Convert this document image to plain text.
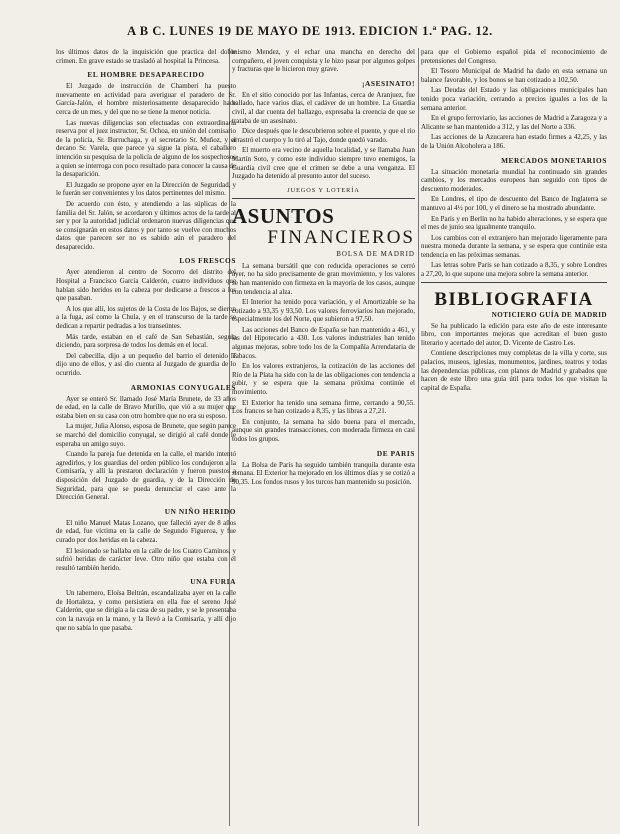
A B C. LUNES 19 DE MAYO DE 1913. EDICION 1.ª PAG. 12.

los últimos datos de la inquisición que practica del doble crimen. En grave estado se trasladó al hospital la Princesa.

EL HOMBRE DESAPARECIDO

El Juzgado de instrucción de Chamberí ha puesto nuevamente en actividad para averiguar el paradero de Sr. García-Jalón, el hombre misteriosamente desaparecido hace cerca de un mes, y del que no se tiene la menor noticia.

Las nuevas diligencias son efectuadas con extraordinaria reserva por el juez instructor, Sr. Ochoa, en unión del comisario de la policía, Sr. Burruchaga, y el secretario Sr. Muñoz, y el decano Sr. Varela, que parece ya sigue la pista, el caballero intención su pesquisa de la policía de alguno de los sospechosos a quien se interroga con poco resultado para conocer la causa de la desaparición.

El Juzgado se propone ayer en la Dirección de Seguridad, y le fuerán ser convenientes y los datos pertinentes del mismo.

De acuerdo con ésto, y atendiendo a las súplicas de la familia del Sr. Jalón, se acordaron y últimos actos de la tarde al ser y por la autoridad judicial ordenaron nuevas diligencias que se consignarán en estos datos y por tanto se vuelve con muchos datos que parecen ser no es sabido aún el paradero del desaparecido.

LOS FRESCOS

Ayer atendieron al centro de Socorro del distrito del Hospital a Francisco García Calderón, cuatro individuos que habían sido heridos en la cabeza por dedicarse a frescos a los que pasaban.

A los que allí, los sujetos de la Costa de los Bajos, se dieron a la fuga, así como la Chula, y en el transcurso de la tarde se dedican a repartir pedradas a los transeúntes.

Más tarde, estaban en el café de San Sebastián, seguía diciendo, para sorpresa de todos los demás en el local.

Del cabecilla, dijo a un pequeño del barrio el detenido le dijo uno de ellos, y así dio cuenta al Juzgado de guardia de lo ocurrido.

ARMONIAS CONYUGALES

Ayer se enteró Sr. llamado José María Brunete, de 33 años de edad, en la calle de Bravo Murillo, que vió a su mujer que estaba bien en su casa con otro hombre que no era su esposo.

La mujer, Julia Alonso, esposa de Brunete, que según parece se marchó del domicilio conyugal, se dirigió al café donde le esperaba un amigo suyo.

Cuando la pareja fue detenida en la calle, el marido intentó agredirlos, y los guardias del orden público los condujeron a la Comisaría, y allí la prestaron declaración y fueron puestos a disposición del Juzgado de guardia, y de la Dirección de Seguridad, para que se pueda denunciar el caso ante la Dirección General.

UN NIÑO HERIDO

El niño Manuel Matas Lozano, que falleció ayer de 8 años de edad, fue víctima en la calle de Segundo Figueroa, y fue curado por dos heridas en la cabeza.

El lesionado se hallaba en la calle de los Cuatro Caminos, y sufrió heridas de carácter leve. Otro niño que estaba con él resultó también herido.

UNA FURIA

Un tabernero, Eloísa Beltrán, escandalizaba ayer en la calle de Hortaleza, y como persistiera en ella fue el sereno José Calderón, que se dirigía a la casa de su padre, y se le presentaba con la navaja en la mano, y la llevó a la Comisaría, y allí dijo que no sabía lo que pasaba.

mismo Mendez, y el echar una mancha en derecho del compañero, el joven conquista y le hizo pasar por algunos golpes y fracturas que le hicieron muy grave.

¡ASESINATO!

En el sitio conocido por las Infantas, cerca de Aranjuez, fue hallado, hace varios días, el cadáver de un hombre. La Guardia civil, al dar cuenta del hallazgo, expresaba la creencia de que se trataba de un asesinato.

Dice después que le descubrieron sobre el puente, y que el río arrastró el cuerpo y lo tiró al Tajo, donde quedó varado.

El muerto era vecino de aquella localidad, y se llamaba Juan Martín Soto, y como este individuo siempre tuvo enemigos, la Guardia civil cree que el crimen se debe a una venganza. El Juzgado ha detenido al presunto autor del suceso.

JUEGOS Y LOTERÍA
ASUNTOS
FINANCIEROS
BOLSA DE MADRID

La semana bursátil que con reducida operaciones se cerró ayer, no ha sido precisamente de gran movimiento, y los valores se han mantenido con firmeza en la mayoría de los casos, aunque con tendencia al alza.

El Interior ha tenido poca variación, y el Amortizable se ha cotizado a 93,35 y 93,50. Los valores ferroviarios han mejorado, especialmente los del Norte, que subieron a 97,50.

Las acciones del Banco de España se han mantenido a 461, y las del Hipotecario a 430. Los valores industriales han tenido algunas mejoras, sobre todo los de la Compañía Arrendataria de Tabacos.

En los valores extranjeros, la cotización de las acciones del Río de la Plata ha sido con la de las obligaciones con tendencia a subir, y se espera que la semana próxima continúe el movimiento.

El Exterior ha tenido una semana firme, cerrando a 90,55. Los francos se han cotizado a 8,35, y las libras a 27,21.

En conjunto, la semana ha sido buena para el mercado, aunque sin grandes transacciones, con moderada firmeza en casi todos los grupos.

DE PARIS

La Bolsa de París ha seguido también tranquila durante esta semana. El Exterior ha mejorado en los últimos días y se cotizó a 90,35. Los fondos rusos y los turcos han mantenido su posición.

para que el Gobierno español pida el reconocimiento de pretensiones del Congreso.

El Tesoro Municipal de Madrid ha dado en esta semana un balance favorable, y los bonos se han cotizado a 102,50.

Las Deudas del Estado y las obligaciones municipales han tenido poca variación, cerrando a precios iguales a los de la semana anterior.

En el grupo ferroviario, las acciones de Madrid a Zaragoza y a Alicante se han mantenido a 312, y las del Norte a 336.

Las acciones de la Azucarera han estado firmes a 42,25, y las de la Unión Alcoholera a 186.

MERCADOS MONETARIOS

La situación monetaria mundial ha continuado sin grandes cambios, y los mercados europeos han seguido con tipos de descuento moderados.

En Londres, el tipo de descuento del Banco de Inglaterra se mantuvo al 4½ por 100, y el dinero se ha mostrado abundante.

En París y en Berlín no ha habido alteraciones, y se espera que el mes de junio sea igualmente tranquilo.

Los cambios con el extranjero han mejorado ligeramente para nuestra moneda durante la semana, y se espera que continúe esta tendencia en las próximas semanas.

Las letras sobre París se han cotizado a 8,35, y sobre Londres a 27,20, lo que supone una mejora sobre la semana anterior.

BIBLIOGRAFIA
NOTICIERO GUÍA DE MADRID

Se ha publicado la edición para este año de este interesante libro, con importantes mejoras que acreditan el buen gusto literario y acertado del autor, D. Vicente de Castro Les.

Contiene descripciones muy completas de la villa y corte, sus palacios, museos, iglesias, monumentos, jardines, teatros y todas las dependencias públicas, con planos de Madrid y grabados que hacen de este libro una guía útil para todos los que visitan la capital de España.
